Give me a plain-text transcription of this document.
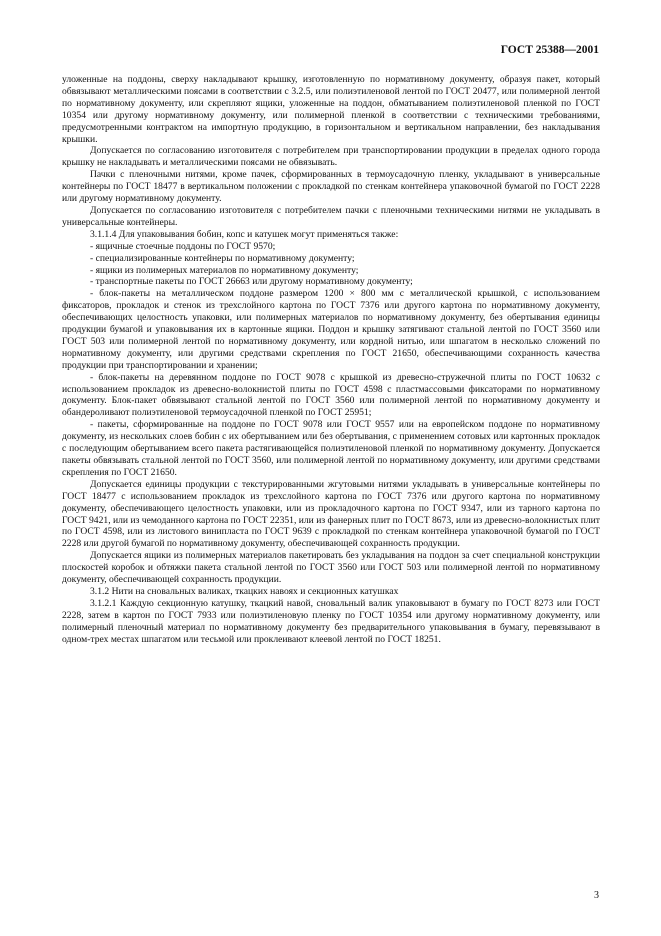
ГОСТ 25388—2001

уложенные на поддоны, сверху накладывают крышку, изготовленную по нормативному документу, образуя пакет, который обвязывают металлическими поясами в соответствии с 3.2.5, или полиэтиленовой лентой по ГОСТ 20477, или полимерной лентой по нормативному документу, или скрепляют ящики, уложенные на поддон, обматыванием полиэтиленовой пленкой по ГОСТ 10354 или другому нормативному документу, или полимерной пленкой в соответствии с техническими требованиями, предусмотренными контрактом на импортную продукцию, в горизонтальном и вертикальном направлении, без накладывания крышки.

Допускается по согласованию изготовителя с потребителем при транспортировании продукции в пределах одного города крышку не накладывать и металлическими поясами не обвязывать.

Пачки с пленочными нитями, кроме пачек, сформированных в термоусадочную пленку, укладывают в универсальные контейнеры по ГОСТ 18477 в вертикальном положении с прокладкой по стенкам контейнера упаковочной бумагой по ГОСТ 2228 или другому нормативному документу.

Допускается по согласованию изготовителя с потребителем пачки с пленочными техническими нитями не укладывать в универсальные контейнеры.

3.1.1.4 Для упаковывания бобин, копс и катушек могут применяться также:

- ящичные стоечные поддоны по ГОСТ 9570;

- специализированные контейнеры по нормативному документу;

- ящики из полимерных материалов по нормативному документу;

- транспортные пакеты по ГОСТ 26663 или другому нормативному документу;

- блок-пакеты на металлическом поддоне размером 1200 × 800 мм с металлической крышкой, с использованием фиксаторов, прокладок и стенок из трехслойного картона по ГОСТ 7376 или другого картона по нормативному документу, обеспечивающих целостность упаковки, или полимерных материалов по нормативному документу, без обертывания единицы продукции бумагой и упаковывания их в картонные ящики. Поддон и крышку затягивают стальной лентой по ГОСТ 3560 или ГОСТ 503 или полимерной лентой по нормативному документу, или кордной нитью, или шпагатом в несколько сложений по нормативному документу, или другими средствами скрепления по ГОСТ 21650, обеспечивающими сохранность качества продукции при транспортировании и хранении;

- блок-пакеты на деревянном поддоне по ГОСТ 9078 с крышкой из древесно-стружечной плиты по ГОСТ 10632 с использованием прокладок из древесно-волокнистой плиты по ГОСТ 4598 с пластмассовыми фиксаторами по нормативному документу. Блок-пакет обвязывают стальной лентой по ГОСТ 3560 или полимерной лентой по нормативному документу и обандероливают полиэтиленовой термоусадочной пленкой по ГОСТ 25951;

- пакеты, сформированные на поддоне по ГОСТ 9078 или ГОСТ 9557 или на европейском поддоне по нормативному документу, из нескольких слоев бобин с их обертыванием или без обертывания, с применением сотовых или картонных прокладок с последующим обертыванием всего пакета растягивающейся полиэтиленовой пленкой по нормативному документу. Допускается пакеты обвязывать стальной лентой по ГОСТ 3560, или полимерной лентой по нормативному документу, или другими средствами скрепления по ГОСТ 21650.

Допускается единицы продукции с текстурированными жгутовыми нитями укладывать в универсальные контейнеры по ГОСТ 18477 с использованием прокладок из трехслойного картона по ГОСТ 7376 или другого картона по нормативному документу, обеспечивающего целостность упаковки, или из прокладочного картона по ГОСТ 9347, или из тарного картона по ГОСТ 9421, или из чемоданного картона по ГОСТ 22351, или из фанерных плит по ГОСТ 8673, или из древесно-волокнистых плит по ГОСТ 4598, или из листового винипласта по ГОСТ 9639 с прокладкой по стенкам контейнера упаковочной бумагой по ГОСТ 2228 или другой бумагой по нормативному документу, обеспечивающей сохранность продукции.

Допускается ящики из полимерных материалов пакетировать без укладывания на поддон за счет специальной конструкции плоскостей коробок и обтяжки пакета стальной лентой по ГОСТ 3560 или ГОСТ 503 или полимерной лентой по нормативному документу, обеспечивающей сохранность продукции.

3.1.2 Нити на сновальных валиках, ткацких навоях и секционных катушках

3.1.2.1 Каждую секционную катушку, ткацкий навой, сновальный валик упаковывают в бумагу по ГОСТ 8273 или ГОСТ 2228, затем в картон по ГОСТ 7933 или полиэтиленовую пленку по ГОСТ 10354 или другому нормативному документу, или полимерный пленочный материал по нормативному документу без предварительного упаковывания в бумагу, перевязывают в одном-трех местах шпагатом или тесьмой или проклеивают клеевой лентой по ГОСТ 18251.

3
